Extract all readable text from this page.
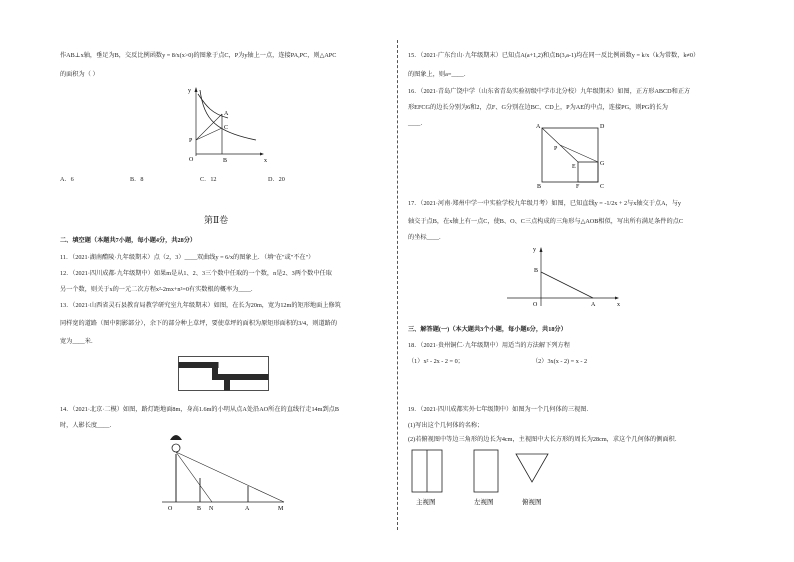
作AB⊥x轴，垂足为B，交反比例函数y = 8/x(x>0)的图象于点C，P为y轴上一点，连接PA,PC，则△APC
的面积为（ ）
y
x
O
A
C
P
B
A．6	B．8	C．12	D．20
第Ⅱ卷
二、填空题（本题共7小题，每小题4分，共28分）
11．（2021·湖南醴陵·九年级期末）点（2，3）____双曲线y = 6/x的图象上．（填"在"或"不在"）
12．（2021·四川成都·九年级期中）如果m是从1、2、3三个数中任取的一个数，n是2、3两个数中任取
另一个数，则关于x的一元二次方程x²-2mx+n²=0有实数根的概率为____．
13．（2021·山西省灵石县教育局教学研究室九年级期末）如图，在长为20m，宽为12m的矩形地面上修筑
同样宽的道路（图中阴影部分），余下的部分种上草坪，要使草坪的面积为原矩形面积的3/4，则道路的
宽为____米．
14．（2021·北京·二模）如图，路灯距地面8m，身高1.6m的小明从点A处沿AO所在的直线行走14m到点B
时，人影长度____．
O	B N	A	M
15．（2021·广东台山·九年级期末）已知点A(a+1,2)和点B(3,a-1)均在同一反比例函数y = k/x（k为常数，k≠0）
的图象上，则a=____．
16．（2021·青岛广饶中学（山东省青岛实验初级中学市北分校）九年级期末）如图，正方形ABCD和正方
形EFCG的边长分别为6和2，点F、G分别在边BC、CD上，P为AE的中点，连接PG，则PG的长为
____．	A	D
P
E	G
B	F	C
17．（2021·河南·郑州中学一中实验学校九年级月考）如图，已知直线y = -1/2x + 2与x轴交于点A，与y
轴交于点B，在x轴上有一点C，使B、O、C三点构成的三角形与△AOB相似，写出所有满足条件的点C
的坐标____．
y
x
O	A
B
三、解答题(一)（本大题共3个小题，每小题6分，共18分）
18．（2021·贵州铜仁·九年级期中）用适当的方法解下列方程
（1）x² - 2x - 2 = 0；	（2）3x(x - 2) = x - 2
19．（2021·四川成都实外七年级期中）如图为一个几何体的三视图．
(1)写出这个几何体的名称；
(2)若俯视图中等边三角形的边长为4cm，主视图中大长方形的周长为28cm，求这个几何体的侧面积．
主视图	左视图	俯视图
